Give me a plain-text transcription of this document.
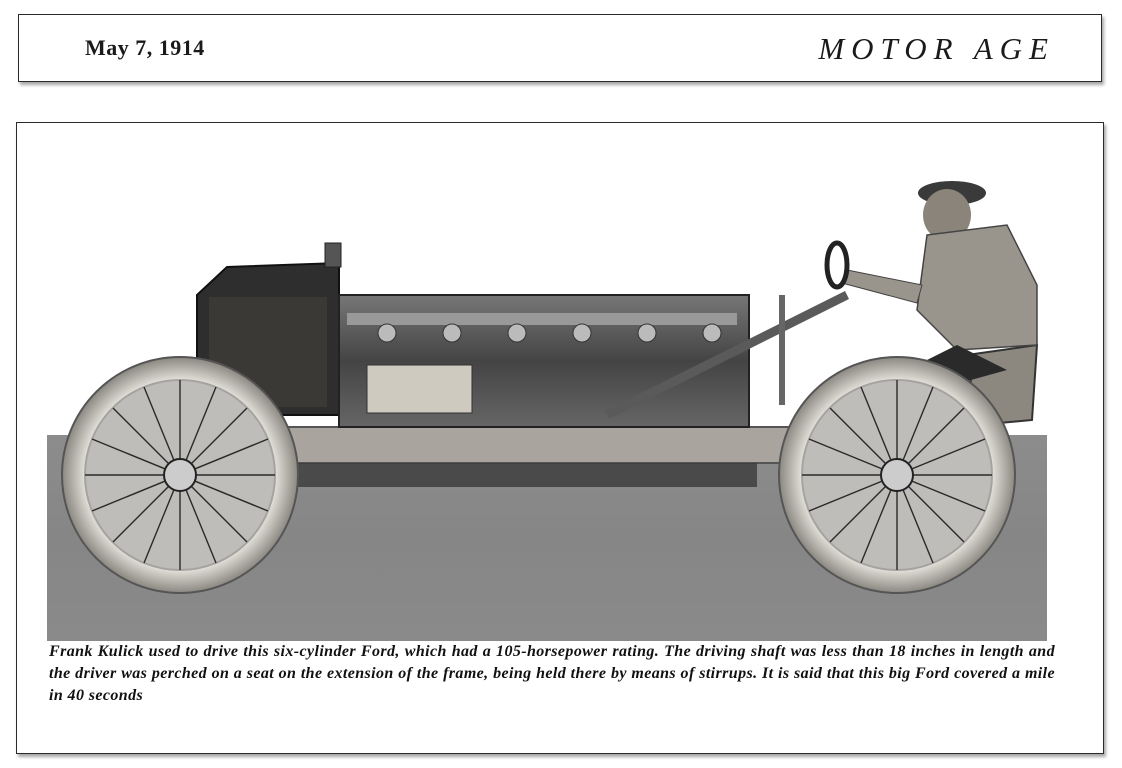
May 7, 1914	MOTOR AGE
Frank Kulick used to drive this six-cylinder Ford, which had a 105-horsepower rating. The driving shaft was less than 18 inches in length and the driver was perched on a seat on the extension of the frame, being held there by means of stirrups. It is said that this big Ford covered a mile in 40 seconds
